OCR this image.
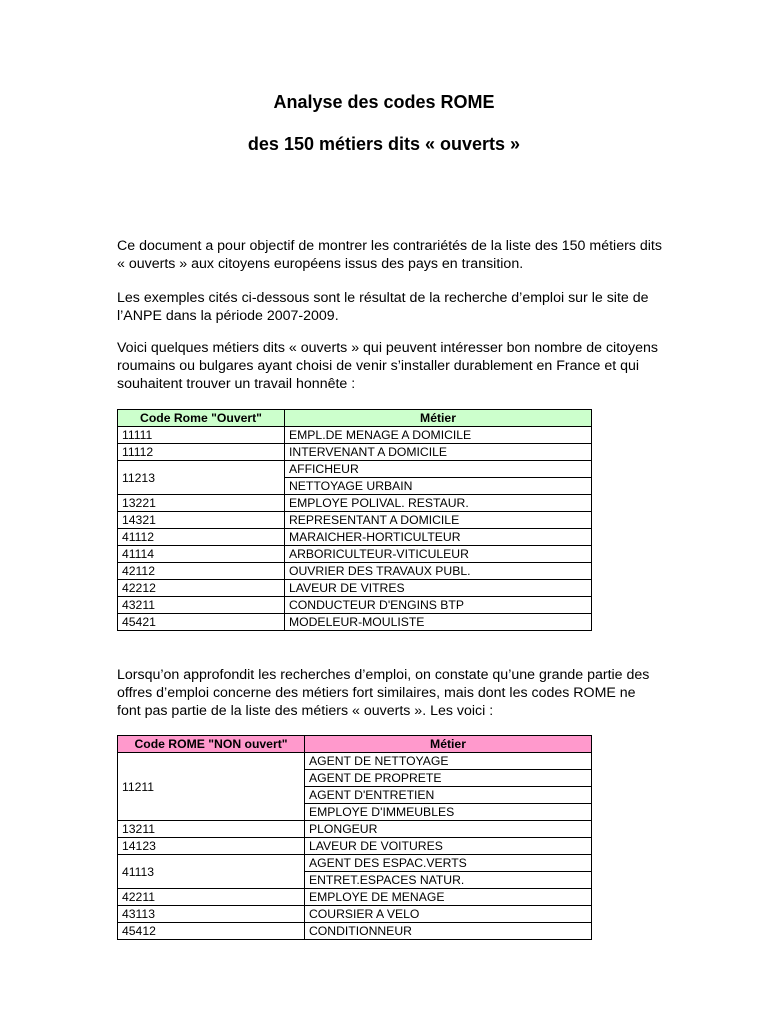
Analyse des codes ROME
des 150 métiers dits « ouverts »
Ce document a pour objectif de montrer les contrariétés de la liste des 150 métiers dits « ouverts » aux citoyens européens issus des pays en transition.
Les exemples cités ci-dessous sont le résultat de la recherche d’emploi sur le site de l’ANPE dans la période 2007-2009.
Voici quelques métiers dits « ouverts » qui peuvent intéresser bon nombre de citoyens roumains ou bulgares ayant choisi de venir s’installer durablement en France et qui souhaitent trouver un travail honnête :
Code Rome "Ouvert"	Métier
11111	EMPL.DE MENAGE A DOMICILE
11112	INTERVENANT A DOMICILE
11213	AFFICHEUR
	NETTOYAGE URBAIN
13221	EMPLOYE POLIVAL. RESTAUR.
14321	REPRESENTANT A DOMICILE
41112	MARAICHER-HORTICULTEUR
41114	ARBORICULTEUR-VITICULEUR
42112	OUVRIER DES TRAVAUX PUBL.
42212	LAVEUR DE VITRES
43211	CONDUCTEUR D'ENGINS BTP
45421	MODELEUR-MOULISTE
Lorsqu’on approfondit les recherches d’emploi, on constate qu’une grande partie des offres d’emploi concerne des métiers fort similaires, mais dont les codes ROME ne font pas partie de la liste des métiers « ouverts ». Les voici :
Code ROME "NON ouvert"	Métier
11211	AGENT DE NETTOYAGE
	AGENT DE PROPRETE
	AGENT D'ENTRETIEN
	EMPLOYE D'IMMEUBLES
13211	PLONGEUR
14123	LAVEUR DE VOITURES
41113	AGENT DES ESPAC.VERTS
	ENTRET.ESPACES NATUR.
42211	EMPLOYE DE MENAGE
43113	COURSIER A VELO
45412	CONDITIONNEUR
